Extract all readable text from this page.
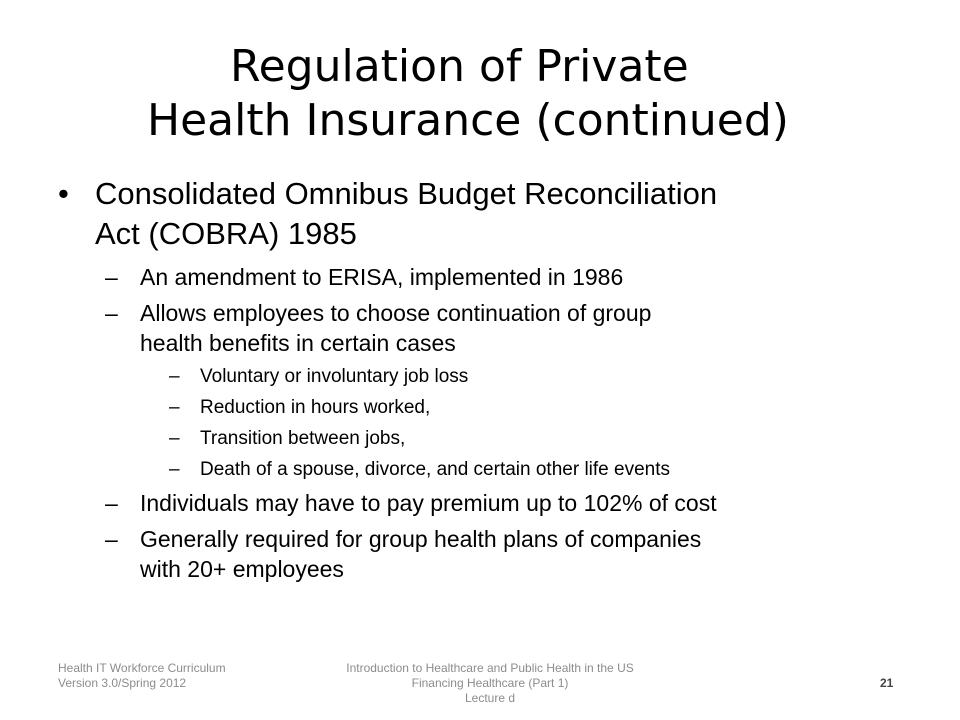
Regulation of Private
Health Insurance (continued)
• Consolidated Omnibus Budget Reconciliation
Act (COBRA) 1985
– An amendment to ERISA, implemented in 1986
– Allows employees to choose continuation of group
health benefits in certain cases
– Voluntary or involuntary job loss
– Reduction in hours worked,
– Transition between jobs,
– Death of a spouse, divorce, and certain other life events
– Individuals may have to pay premium up to 102% of cost
– Generally required for group health plans of companies
with 20+ employees
Health IT Workforce Curriculum
Version 3.0/Spring 2012
Introduction to Healthcare and Public Health in the US
Financing Healthcare (Part 1)
Lecture d
21
